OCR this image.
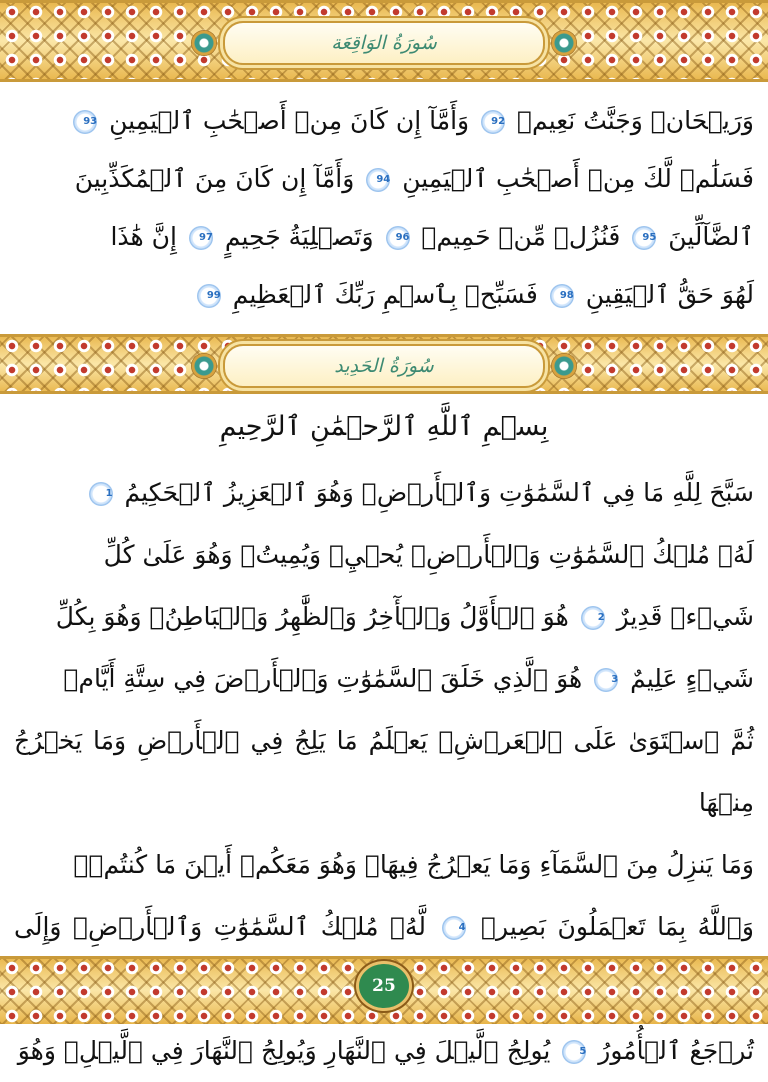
سُورَةُ الوَاقِعَة
وَرَيۡحَانٞ وَجَنَّتُ نَعِيمٖ 92 وَأَمَّآ إِن كَانَ مِنۡ أَصۡحَٰبِ ٱلۡيَمِينِ 93
فَسَلَٰمٞ لَّكَ مِنۡ أَصۡحَٰبِ ٱلۡيَمِينِ 94 وَأَمَّآ إِن كَانَ مِنَ ٱلۡمُكَذِّبِينَ
ٱلضَّآلِّينَ 95 فَنُزُلٞ مِّنۡ حَمِيمٖ 96 وَتَصۡلِيَةُ جَحِيمٍ 97 إِنَّ هَٰذَا
لَهُوَ حَقُّ ٱلۡيَقِينِ 98 فَسَبِّحۡ بِٱسۡمِ رَبِّكَ ٱلۡعَظِيمِ 99
سُورَةُ الحَدِيد
بِسۡمِ ٱللَّهِ ٱلرَّحۡمَٰنِ ٱلرَّحِيمِ
سَبَّحَ لِلَّهِ مَا فِي ٱلسَّمَٰوَٰتِ وَٱلۡأَرۡضِۖ وَهُوَ ٱلۡعَزِيزُ ٱلۡحَكِيمُ 1
لَهُۥ مُلۡكُ ٱلسَّمَٰوَٰتِ وَٱلۡأَرۡضِۖ يُحۡيِۦ وَيُمِيتُۖ وَهُوَ عَلَىٰ كُلِّ
شَيۡءٖ قَدِيرٌ 2 هُوَ ٱلۡأَوَّلُ وَٱلۡأٓخِرُ وَٱلظَّٰهِرُ وَٱلۡبَاطِنُۖ وَهُوَ بِكُلِّ
شَيۡءٍ عَلِيمٌ 3 هُوَ ٱلَّذِي خَلَقَ ٱلسَّمَٰوَٰتِ وَٱلۡأَرۡضَ فِي سِتَّةِ أَيَّامٖ
ثُمَّ ٱسۡتَوَىٰ عَلَى ٱلۡعَرۡشِۖ يَعۡلَمُ مَا يَلِجُ فِي ٱلۡأَرۡضِ وَمَا يَخۡرُجُ مِنۡهَا
وَمَا يَنزِلُ مِنَ ٱلسَّمَآءِ وَمَا يَعۡرُجُ فِيهَاۖ وَهُوَ مَعَكُمۡ أَيۡنَ مَا كُنتُمۡۚ
وَٱللَّهُ بِمَا تَعۡمَلُونَ بَصِيرٞ 4 لَّهُۥ مُلۡكُ ٱلسَّمَٰوَٰتِ وَٱلۡأَرۡضِۚ وَإِلَى
تُرۡجَعُ ٱلۡأُمُورُ 5 يُولِجُ ٱلَّيۡلَ فِي ٱلنَّهَارِ وَيُولِجُ ٱلنَّهَارَ فِي ٱلَّيۡلِۚ وَهُوَ
25
